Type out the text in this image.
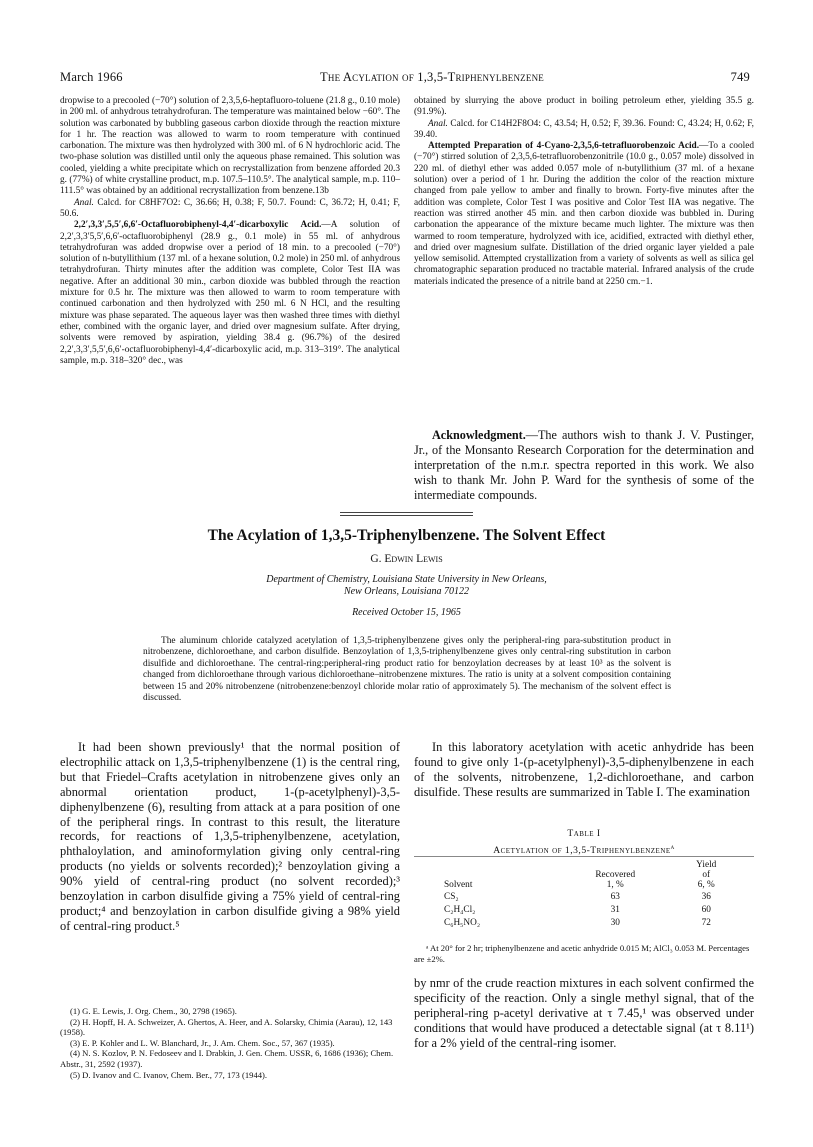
March 1966	The Acylation of 1,3,5-Triphenylbenzene	749

dropwise to a precooled (−70°) solution of 2,3,5,6-heptafluoro-toluene (21.8 g., 0.10 mole) in 200 ml. of anhydrous tetrahydrofuran. The temperature was maintained below −60°. The solution was carbonated by bubbling gaseous carbon dioxide through the reaction mixture for 1 hr. The reaction was allowed to warm to room temperature with continued carbonation. The mixture was then hydrolyzed with 300 ml. of 6 N hydrochloric acid. The two-phase solution was distilled until only the aqueous phase remained. This solution was cooled, yielding a white precipitate which on recrystallization from benzene afforded 20.3 g. (77%) of white crystalline product, m.p. 107.5–110.5°. The analytical sample, m.p. 110–111.5° was obtained by an additional recrystallization from benzene.13b

Anal. Calcd. for C8HF7O2: C, 36.66; H, 0.38; F, 50.7. Found: C, 36.72; H, 0.41; F, 50.6.

2,2′,3,3′,5,5′,6,6′-Octafluorobiphenyl-4,4′-dicarboxylic Acid.—A solution of 2,2′,3,3′5,5′,6,6′-octafluorobiphenyl (28.9 g., 0.1 mole) in 55 ml. of anhydrous tetrahydrofuran was added dropwise over a period of 18 min. to a precooled (−70°) solution of n-butyllithium (137 ml. of a hexane solution, 0.2 mole) in 250 ml. of anhydrous tetrahydrofuran. Thirty minutes after the addition was complete, Color Test IIA was negative. After an additional 30 min., carbon dioxide was bubbled through the reaction mixture for 0.5 hr. The mixture was then allowed to warm to room temperature with continued carbonation and then hydrolyzed with 250 ml. 6 N HCl, and the resulting mixture was phase separated. The aqueous layer was then washed three times with diethyl ether, combined with the organic layer, and dried over magnesium sulfate. After drying, solvents were removed by aspiration, yielding 38.4 g. (96.7%) of the desired 2,2′,3,3′,5,5′,6,6′-octafluorobiphenyl-4,4′-dicarboxylic acid, m.p. 313–319°. The analytical sample, m.p. 318–320° dec., was

obtained by slurrying the above product in boiling petroleum ether, yielding 35.5 g. (91.9%).

Anal. Calcd. for C14H2F8O4: C, 43.54; H, 0.52; F, 39.36. Found: C, 43.24; H, 0.62; F, 39.40.

Attempted Preparation of 4-Cyano-2,3,5,6-tetrafluorobenzoic Acid.—To a cooled (−70°) stirred solution of 2,3,5,6-tetrafluorobenzonitrile (10.0 g., 0.057 mole) dissolved in 220 ml. of diethyl ether was added 0.057 mole of n-butyllithium (37 ml. of a hexane solution) over a period of 1 hr. During the addition the color of the reaction mixture changed from pale yellow to amber and finally to brown. Forty-five minutes after the addition was complete, Color Test I was positive and Color Test IIA was negative. The reaction was stirred another 45 min. and then carbon dioxide was bubbled in. During carbonation the appearance of the mixture became much lighter. The mixture was then warmed to room temperature, hydrolyzed with ice, acidified, extracted with diethyl ether, and dried over magnesium sulfate. Distillation of the dried organic layer yielded a pale yellow semisolid. Attempted crystallization from a variety of solvents as well as silica gel chromatographic separation produced no tractable material. Infrared analysis of the crude materials indicated the presence of a nitrile band at 2250 cm.−1.

Acknowledgment.—The authors wish to thank J. V. Pustinger, Jr., of the Monsanto Research Corporation for the determination and interpretation of the n.m.r. spectra reported in this work. We also wish to thank Mr. John P. Ward for the synthesis of some of the intermediate compounds.
The Acylation of 1,3,5-Triphenylbenzene. The Solvent Effect
G. Edwin Lewis
Department of Chemistry, Louisiana State University in New Orleans,
New Orleans, Louisiana 70122
Received October 15, 1965
The aluminum chloride catalyzed acetylation of 1,3,5-triphenylbenzene gives only the peripheral-ring para-substitution product in nitrobenzene, dichloroethane, and carbon disulfide. Benzoylation of 1,3,5-triphenylbenzene gives only central-ring substitution in carbon disulfide and dichloroethane. The central-ring:peripheral-ring product ratio for benzoylation decreases by at least 10³ as the solvent is changed from dichloroethane through various dichloroethane–nitrobenzene mixtures. The ratio is unity at a solvent composition containing between 15 and 20% nitrobenzene (nitrobenzene:benzoyl chloride molar ratio of approximately 5). The mechanism of the solvent effect is discussed.

It had been shown previously¹ that the normal position of electrophilic attack on 1,3,5-triphenylbenzene (1) is the central ring, but that Friedel–Crafts acetylation in nitrobenzene gives only an abnormal orientation product, 1-(p-acetylphenyl)-3,5-diphenylbenzene (6), resulting from attack at a para position of one of the peripheral rings. In contrast to this result, the literature records, for reactions of 1,3,5-triphenylbenzene, acetylation, phthaloylation, and aminoformylation giving only central-ring products (no yields or solvents recorded);² benzoylation giving a 90% yield of central-ring product (no solvent recorded);³ benzoylation in carbon disulfide giving a 75% yield of central-ring product;⁴ and benzoylation in carbon disulfide giving a 98% yield of central-ring product.⁵

(1) G. E. Lewis, J. Org. Chem., 30, 2798 (1965).
(2) H. Hopff, H. A. Schweizer, A. Ghertos, A. Heer, and A. Solarsky, Chimia (Aarau), 12, 143 (1958).
(3) E. P. Kohler and L. W. Blanchard, Jr., J. Am. Chem. Soc., 57, 367 (1935).
(4) N. S. Kozlov, P. N. Fedoseev and I. Drabkin, J. Gen. Chem. USSR, 6, 1686 (1936); Chem. Abstr., 31, 2592 (1937).
(5) D. Ivanov and C. Ivanov, Chem. Ber., 77, 173 (1944).

In this laboratory acetylation with acetic anhydride has been found to give only 1-(p-acetylphenyl)-3,5-diphenylbenzene in each of the solvents, nitrobenzene, 1,2-dichloroethane, and carbon disulfide. These results are summarized in Table I. The examination

Table I
Acetylation of 1,3,5-Triphenylbenzene$^a$
		Yield
	Recovered	of
Solvent	1, %	6, %
CS₂	63	36
C₂H₄Cl₂	31	60
C₆H₅NO₂	30	72
ᵃ At 20° for 2 hr; triphenylbenzene and acetic anhydride 0.015 M; AlCl₃ 0.053 M. Percentages are ±2%.

by nmr of the crude reaction mixtures in each solvent confirmed the specificity of the reaction. Only a single methyl signal, that of the peripheral-ring p-acetyl derivative at τ 7.45,¹ was observed under conditions that would have produced a detectable signal (at τ 8.11¹) for a 2% yield of the central-ring isomer.
